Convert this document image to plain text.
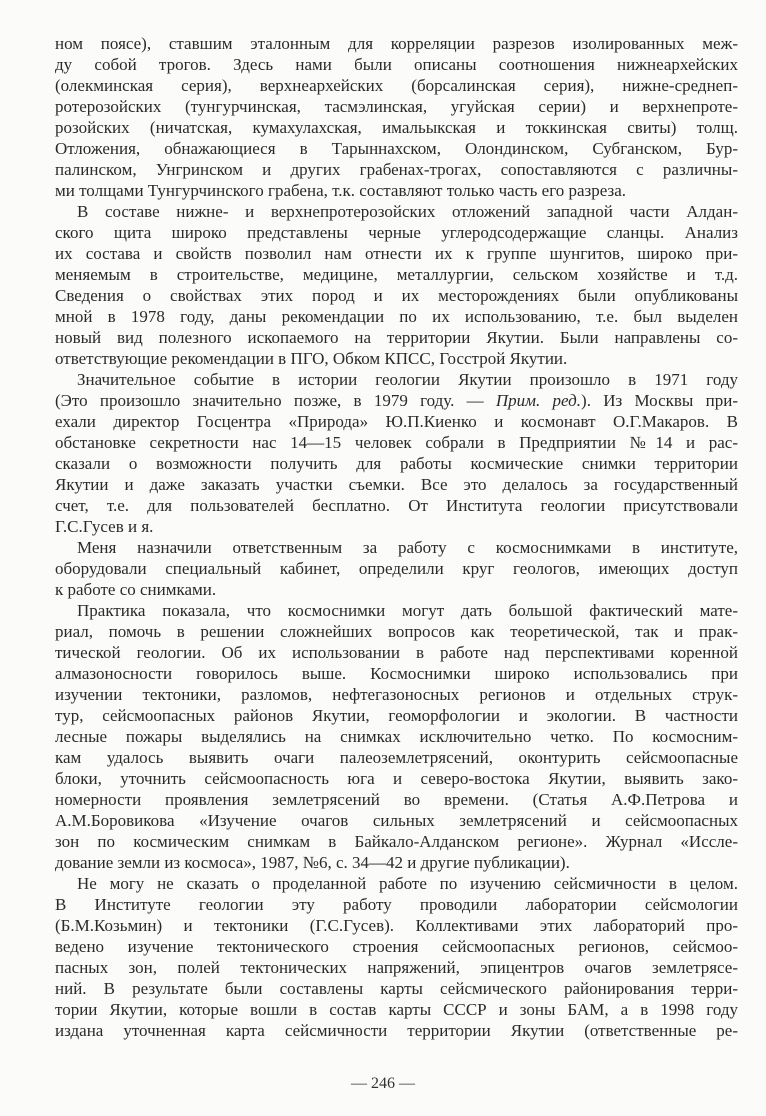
ном поясе), ставшим эталонным для корреляции разрезов изолированных меж-
ду собой трогов. Здесь нами были описаны соотношения нижнеархейских
(олекминская серия), верхнеархейских (борсалинская серия), нижне-среднеп-
ротерозойских (тунгурчинская, тасмэлинская, угуйская серии) и верхнепроте-
розойских (ничатская, кумахулахская, имальыкская и токкинская свиты) толщ.
Отложения, обнажающиеся в Тарыннахском, Олондинском, Субганском, Бур-
палинском, Унгринском и других грабенах-трогах, сопоставляются с различны-
ми толщами Тунгурчинского грабена, т.к. составляют только часть его разреза.
В составе нижне- и верхнепротерозойских отложений западной части Алдан-
ского щита широко представлены черные углеродсодержащие сланцы. Анализ
их состава и свойств позволил нам отнести их к группе шунгитов, широко при-
меняемым в строительстве, медицине, металлургии, сельском хозяйстве и т.д.
Сведения о свойствах этих пород и их месторождениях были опубликованы
мной в 1978 году, даны рекомендации по их использованию, т.е. был выделен
новый вид полезного ископаемого на территории Якутии. Были направлены со-
ответствующие рекомендации в ПГО, Обком КПСС, Госстрой Якутии.
Значительное событие в истории геологии Якутии произошло в 1971 году
(Это произошло значительно позже, в 1979 году. — Прим. ред.). Из Москвы при-
ехали директор Госцентра «Природа» Ю.П.Киенко и космонавт О.Г.Макаров. В
обстановке секретности нас 14—15 человек собрали в Предприятии №14 и рас-
сказали о возможности получить для работы космические снимки территории
Якутии и даже заказать участки съемки. Все это делалось за государственный
счет, т.е. для пользователей бесплатно. От Института геологии присутствовали
Г.С.Гусев и я.
Меня назначили ответственным за работу с космоснимками в институте,
оборудовали специальный кабинет, определили круг геологов, имеющих доступ
к работе со снимками.
Практика показала, что космоснимки могут дать большой фактический мате-
риал, помочь в решении сложнейших вопросов как теоретической, так и прак-
тической геологии. Об их использовании в работе над перспективами коренной
алмазоносности говорилось выше. Космоснимки широко использовались при
изучении тектоники, разломов, нефтегазоносных регионов и отдельных струк-
тур, сейсмоопасных районов Якутии, геоморфологии и экологии. В частности
лесные пожары выделялись на снимках исключительно четко. По космосним-
кам удалось выявить очаги палеоземлетрясений, оконтурить сейсмоопасные
блоки, уточнить сейсмоопасность юга и северо-востока Якутии, выявить зако-
номерности проявления землетрясений во времени. (Статья А.Ф.Петрова и
А.М.Боровикова «Изучение очагов сильных землетрясений и сейсмоопасных
зон по космическим снимкам в Байкало-Алданском регионе». Журнал «Иссле-
дование земли из космоса», 1987, №6, с. 34—42 и другие публикации).
Не могу не сказать о проделанной работе по изучению сейсмичности в целом.
В Институте геологии эту работу проводили лаборатории сейсмологии
(Б.М.Козьмин) и тектоники (Г.С.Гусев). Коллективами этих лабораторий про-
ведено изучение тектонического строения сейсмоопасных регионов, сейсмоо-
пасных зон, полей тектонических напряжений, эпицентров очагов землетрясе-
ний. В результате были составлены карты сейсмического районирования терри-
тории Якутии, которые вошли в состав карты СССР и зоны БАМ, а в 1998 году
издана уточненная карта сейсмичности территории Якутии (ответственные ре-
— 246 —
